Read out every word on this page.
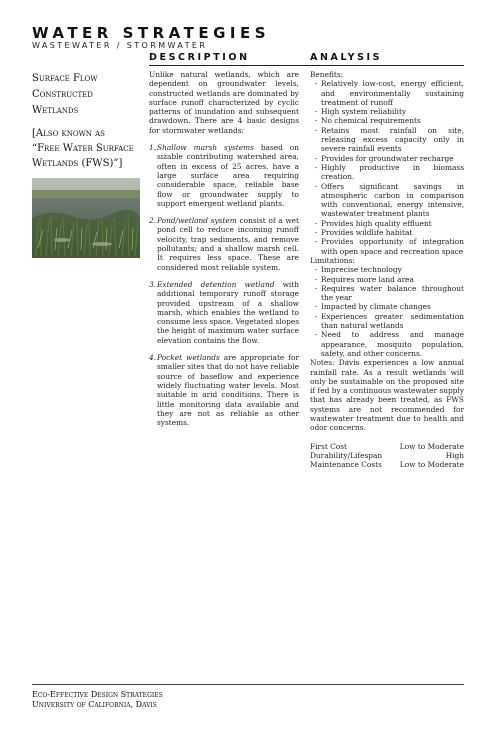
WATER STRATEGIES
WASTEWATER / STORMWATER
DESCRIPTION	ANALYSIS
Surface Flow
Constructed
Wetlands
[Also known as
“Free Water Surface
Wetlands (FWS)”]

Unlike natural wetlands, which are dependent on groundwater levels, constructed wetlands are dominated by surface runoff characterized by cyclic patterns of inundation and subsequent drawdown. There are 4 basic designs for stormwater wetlands:

1. Shallow marsh systems based on sizable contributing watershed area, often in excess of 25 acres, have a large surface area requiring considerable space, reliable base flow or groundwater supply to support emergent wetland plants.
2. Pond/wetland system consist of a wet pond cell to reduce incoming runoff velocity, trap sediments, and remove pollutants; and a shallow marsh cell. It requires less space. These are considered most reliable system.
3. Extended detention wetland with additional temporary runoff storage provided upstream of a shallow marsh, which enables the wetland to consume less space. Vegetated slopes the height of maximum water surface elevation contains the flow.
4. Pocket wetlands are appropriate for smaller sites that do not have reliable source of baseflow and experience widely fluctuating water levels. Most suitable in arid conditions. There is little monitoring data available and they are not as reliable as other systems.

Benefits:

- Relatively low-cost, energy efficient, and environmentally sustaining treatment of runoff
- High system reliability
- No chemical requirements
- Retains most rainfall on site, releasing excess capacity only in severe rainfall events
- Provides for groundwater recharge
- Highly productive in biomass creation.
- Offers significant savings in atmospheric carbon in comparison with conventional, energy intensive, wastewater treatment plants
- Provides high quality effluent
- Provides wildlife habitat
- Provides opportunity of integration with open space and recreation space

Limitations:

- Imprecise technology
- Requires more land area
- Requires water balance throughout the year
- Impacted by climate changes
- Experiences greater sedimentation than natural wetlands
- Need to address and manage appearance, mosquito population, safety, and other concerns.

Notes: Davis experiences a low annual rainfall rate. As a result wetlands will only be sustainable on the proposed site if fed by a continuous wastewater supply that has already been treated, as FWS systems are not recommended for wastewater treatment due to health and odor concerns.

First Cost	Low to Moderate
Durability/Lifespan	High
Maintenance Costs Low to Moderate
Eco-Effective Design Strategies
University of California, Davis
